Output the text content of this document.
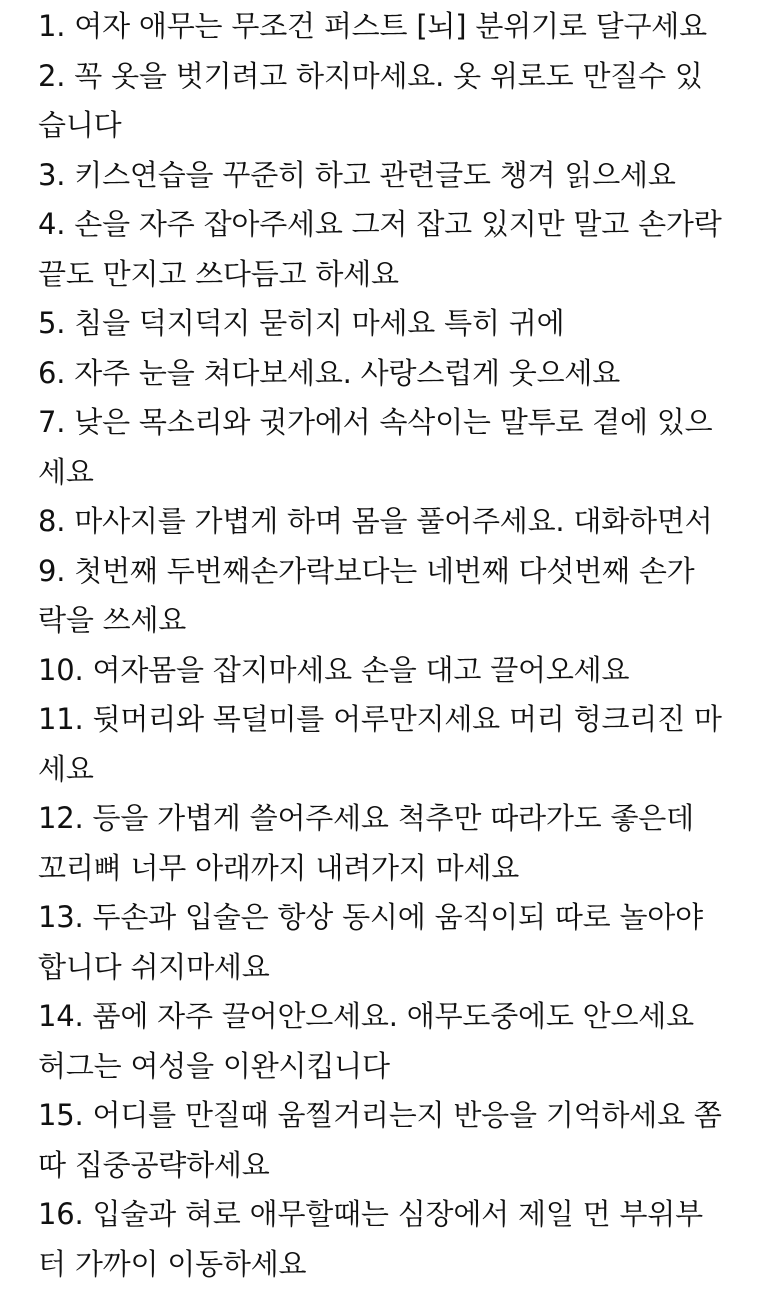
1. 여자 애무는 무조건 퍼스트 [뇌] 분위기로 달구세요
2. 꼭 옷을 벗기려고 하지마세요. 옷 위로도 만질수 있
습니다
3. 키스연습을 꾸준히 하고 관련글도 챙겨 읽으세요
4. 손을 자주 잡아주세요 그저 잡고 있지만 말고 손가락
끝도 만지고 쓰다듬고 하세요
5. 침을 덕지덕지 묻히지 마세요 특히 귀에
6. 자주 눈을 쳐다보세요. 사랑스럽게 웃으세요
7. 낮은 목소리와 귓가에서 속삭이는 말투로 곁에 있으
세요
8. 마사지를 가볍게 하며 몸을 풀어주세요. 대화하면서
9. 첫번째 두번째손가락보다는 네번째 다섯번째 손가
락을 쓰세요
10. 여자몸을 잡지마세요 손을 대고 끌어오세요
11. 뒷머리와 목덜미를 어루만지세요 머리 헝크리진 마
세요
12. 등을 가볍게 쓸어주세요 척추만 따라가도 좋은데
꼬리뼈 너무 아래까지 내려가지 마세요
13. 두손과 입술은 항상 동시에 움직이되 따로 놀아야
합니다 쉬지마세요
14. 품에 자주 끌어안으세요. 애무도중에도 안으세요
허그는 여성을 이완시킵니다
15. 어디를 만질때 움찔거리는지 반응을 기억하세요 쫌
따 집중공략하세요
16. 입술과 혀로 애무할때는 심장에서 제일 먼 부위부
터 가까이 이동하세요
